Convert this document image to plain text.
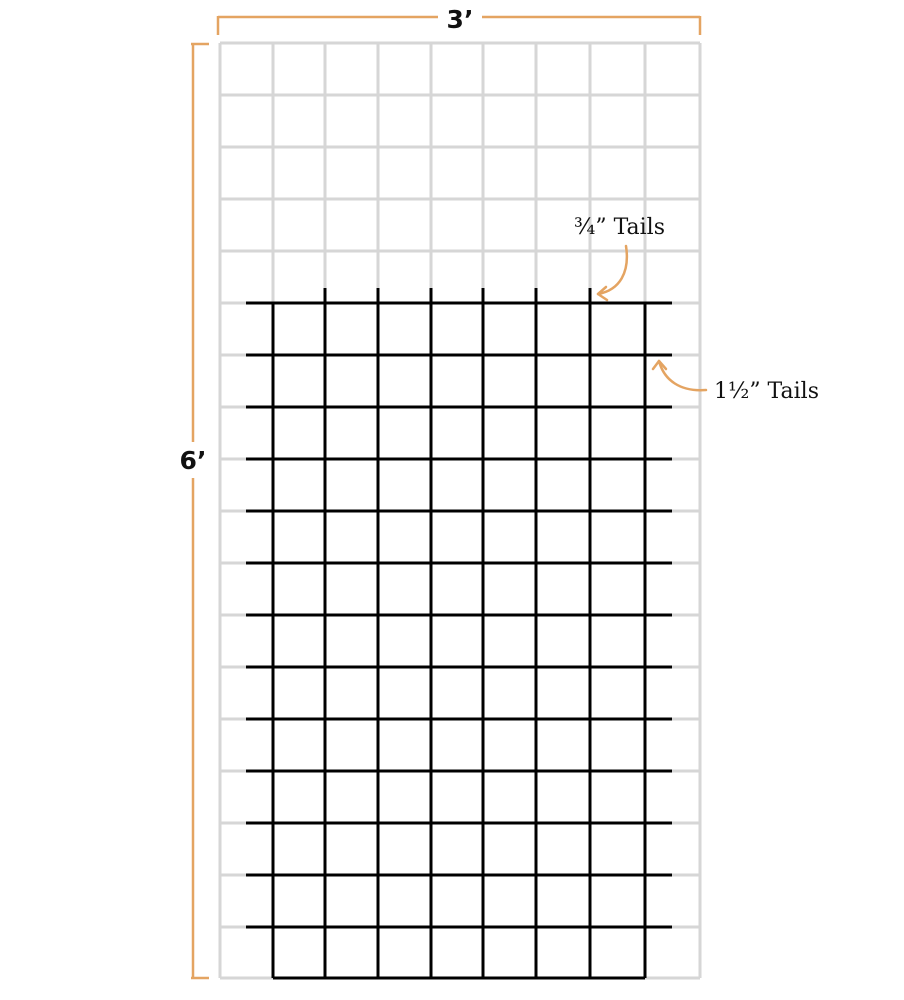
3’
6’
¾” Tails
1½” Tails
